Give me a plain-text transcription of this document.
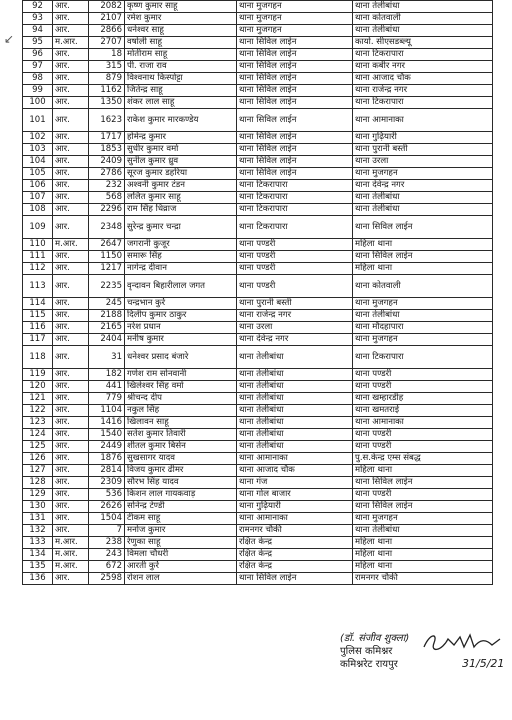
↙
92	आर.	2082	कृष्ण कुमार साहू	थाना मुजगहन	थाना तेलीबांधा
93	आर.	2107	रमेश कुमार	थाना मुजगहन	थाना कोतवाली
94	आर.	2866	धनेश्वर साहू	थाना मुजगहन	थाना तेलीबांधा
95	म.आर.	2707	वर्षाली साहू	थाना सिविल लाईन	कार्या. सीएसडब्ल्यू
96	आर.	18	मोतीराम साहू	थाना सिविल लाईन	थाना टिकरापारा
97	आर.	315	पी. राजा राव	थाना सिविल लाईन	थाना कबीर नगर
98	आर.	879	विश्वनाथ किस्पोट्टा	थाना सिविल लाईन	थाना आजाद चौक
99	आर.	1162	जितेन्द्र साहू	थाना सिविल लाईन	थाना राजेन्द्र नगर
100	आर.	1350	शंकर लाल साहू	थाना सिविल लाईन	थाना टिकरापारा
101	आर.	1623	राकेश कुमार मारकण्डेय	थाना सिविल लाईन	थाना आमानाका
102	आर.	1717	होमेन्द्र कुमार	थाना सिविल लाईन	थाना गुढ़ियारी
103	आर.	1853	सुधीर कुमार वर्मा	थाना सिविल लाईन	थाना पुरानी बस्ती
104	आर.	2409	सुनील कुमार ध्रुव	थाना सिविल लाईन	थाना उरला
105	आर.	2786	सूरज कुमार डहरिया	थाना सिविल लाईन	थाना मुजगहन
106	आर.	232	अश्वनी कुमार टंडन	थाना टिकरापारा	थाना देवेन्द्र नगर
107	आर.	568	ललित कुमार साहू	थाना टिकरापारा	थाना तेलीबांधा
108	आर.	2296	राम सिंह धिव्राज	थाना टिकरापारा	थाना तेलीबांधा
109	आर.	2348	सुरेन्द्र कुमार चन्द्रा	थाना टिकरापारा	थाना सिविल लाईन
110	म.आर.	2647	जगरानी कुजूर	थाना पण्डरी	महिला थाना
111	आर.	1150	समारू सिंह	थाना पण्डरी	थाना सिविल लाईन
112	आर.	1217	नागेन्द्र दीवान	थाना पण्डरी	महिला थाना
113	आर.	2235	वृन्दावन बिहारीलाल जगत	थाना पण्डरी	थाना कोतवाली
114	आर.	245	चन्द्रभान कुर्रे	थाना पुरानी बस्ती	थाना मुजगहन
115	आर.	2188	दिलीप कुमार ठाकुर	थाना राजेन्द्र नगर	थाना तेलीबांधा
116	आर.	2165	नरेश प्रधान	थाना उरला	थाना मौदहापारा
117	आर.	2404	मनीष कुमार	थाना देवेन्द्र नगर	थाना मुजगहन
118	आर.	31	धनेश्वर प्रसाद बंजारे	थाना तेलीबांधा	थाना टिकरापारा
119	आर.	182	गणेश राम सोनवानी	थाना तेलीबांधा	थाना पण्डरी
120	आर.	441	खिलेश्वर सिंह वर्मा	थाना तेलीबांधा	थाना पण्डरी
121	आर.	779	श्रीचन्द दीप	थाना तेलीबांधा	थाना खम्हारडीह
122	आर.	1104	नकुल सिंह	थाना तेलीबांधा	थाना खमतराई
123	आर.	1416	खिलावन साहू	थाना तेलीबांधा	थाना आमानाका
124	आर.	1540	सतेश कुमार तिवारी	थाना तेलीबांधा	थाना पण्डरी
125	आर.	2449	शीतल कुमार बिसेन	थाना तेलीबांधा	थाना पण्डरी
126	आर.	1876	सुखसागर यादव	थाना आमानाका	पु.स.केन्द्र एम्स संबद्ध
127	आर.	2814	विजय कुमार ढीमर	थाना आजाद चौक	महिला थाना
128	आर.	2309	सौरभ सिंह यादव	थाना गंज	थाना सिविल लाईन
129	आर.	536	किशन लाल गायकवाड़	थाना गोल बाजार	थाना पण्डरी
130	आर.	2626	सोनेन्द्र टेण्डी	थाना गुढ़ियारी	थाना सिविल लाईन
131	आर.	1504	टीकम साहू	थाना आमानाका	थाना मुजगहन
132	आर.	7	मनोज कुमार	रामनगर चौकी	थाना तेलीबांधा
133	म.आर.	238	रेणुका साहू	रक्षित केन्द्र	महिला थाना
134	म.आर.	243	विमला चौधरी	रक्षित केन्द्र	महिला थाना
135	म.आर.	672	आरती कुर्रे	रक्षित केन्द्र	महिला थाना
136	आर.	2598	रोशन लाल	थाना सिविल लाईन	रामनगर चौकी
(डॉ. संजीव शुक्ला)
पुलिस कमिश्नर
कमिश्नरेट रायपुर	31/5/21
